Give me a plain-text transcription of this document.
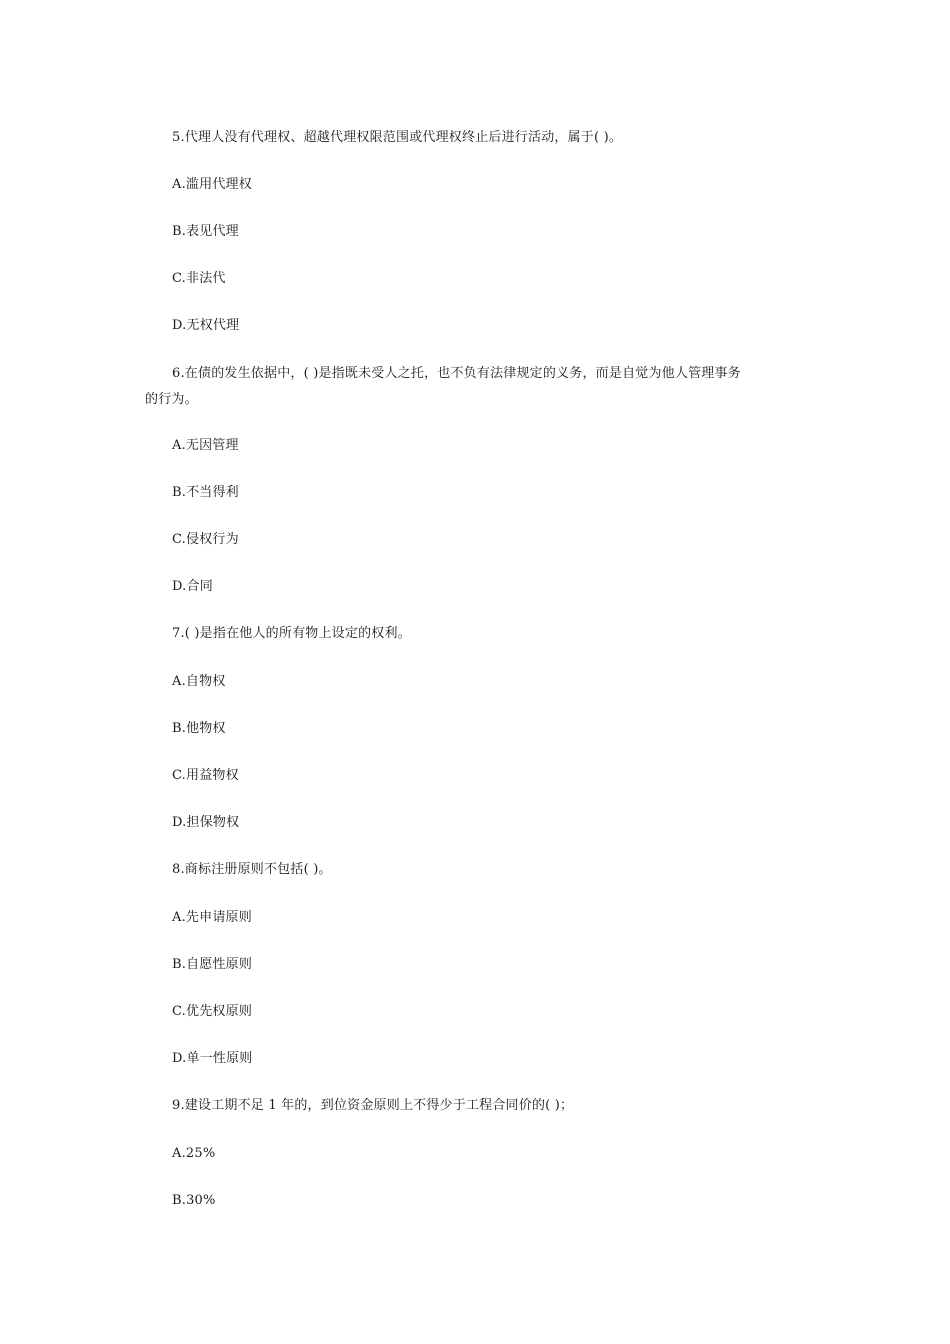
5.代理人没有代理权、超越代理权限范围或代理权终止后进行活动，属于( )。
A.滥用代理权
B.表见代理
C.非法代
D.无权代理
6.在债的发生依据中，( )是指既未受人之托，也不负有法律规定的义务，而是自觉为他人管理事务
的行为。
A.无因管理
B.不当得利
C.侵权行为
D.合同
7.( )是指在他人的所有物上设定的权利。
A.自物权
B.他物权
C.用益物权
D.担保物权
8.商标注册原则不包括( )。
A.先申请原则
B.自愿性原则
C.优先权原则
D.单一性原则
9.建设工期不足 1 年的，到位资金原则上不得少于工程合同价的( )；
A.25%
B.30%
